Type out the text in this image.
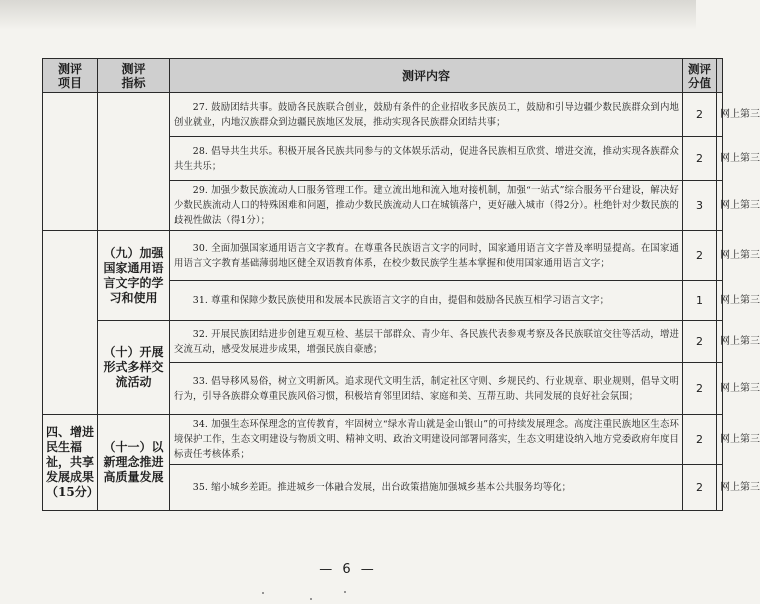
测评项目	测评指标	测评内容	测评分值	
		27. 鼓励团结共事。鼓励各民族联合创业，鼓励有条件的企业招收多民族员工，鼓励和引导边疆少数民族群众到内地创业就业，内地汉族群众到边疆民族地区发展，推动实现各民族群众团结共事；	2	网上第三
		28. 倡导共生共乐。积极开展各民族共同参与的文体娱乐活动，促进各民族相互欣赏、增进交流，推动实现各族群众共生共乐；	2	网上第三
		29. 加强少数民族流动人口服务管理工作。建立流出地和流入地对接机制，加强“一站式”综合服务平台建设，解决好少数民族流动人口的特殊困难和问题，推动少数民族流动人口在城镇落户，更好融入城市（得2分）。杜绝针对少数民族的歧视性做法（得1分）；	3	网上第三
	（九）加强国家通用语言文字的学习和使用	30. 全面加强国家通用语言文字教育。在尊重各民族语言文字的同时，国家通用语言文字普及率明显提高。在国家通用语言文字教育基础薄弱地区健全双语教育体系，在校少数民族学生基本掌握和使用国家通用语言文字；	2	网上第三
		31. 尊重和保障少数民族使用和发展本民族语言文字的自由，提倡和鼓励各民族互相学习语言文字；	1	网上第三
	（十）开展形式多样交流活动	32. 开展民族团结进步创建互观互检、基层干部群众、青少年、各民族代表参观考察及各民族联谊交往等活动，增进交流互动，感受发展进步成果，增强民族自豪感；	2	网上第三
		33. 倡导移风易俗，树立文明新风。追求现代文明生活，制定社区守则、乡规民约、行业规章、职业规则，倡导文明行为，引导各族群众尊重民族风俗习惯，积极培育邻里团结、家庭和美、互帮互助、共同发展的良好社会氛围；	2	网上第三
四、增进民生福祉，共享发展成果（15分）	（十一）以新理念推进高质量发展	34. 加强生态环保理念的宣传教育，牢固树立“绿水青山就是金山银山”的可持续发展理念。高度注重民族地区生态环境保护工作，生态文明建设与物质文明、精神文明、政治文明建设同部署同落实，生态文明建设纳入地方党委政府年度目标责任考核体系；	2	网上第三
		35. 缩小城乡差距。推进城乡一体融合发展，出台政策措施加强城乡基本公共服务均等化；	2	网上第三
— 6 —
